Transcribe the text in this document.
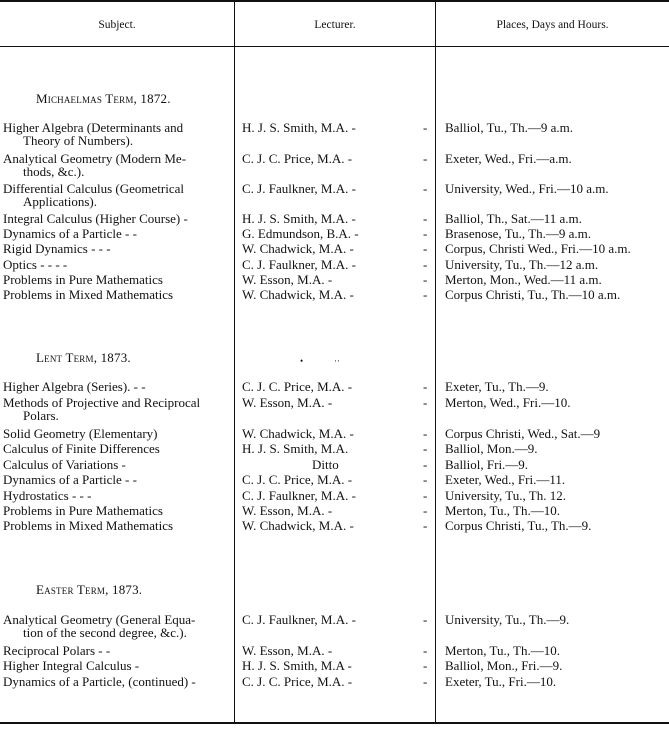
Subject.	Lecturer.	Places, Days and Hours.
Michaelmas Term, 1872.
Higher Algebra (Determinants and
Theory of Numbers).
H. J. S. Smith, M.A. -	- Balliol, Tu., Th.—9 a.m.
Analytical Geometry (Modern Me-
thods, &c.).
C. J. C. Price, M.A. -	- Exeter, Wed., Fri.—a.m.
Differential Calculus (Geometrical
Applications).
C. J. Faulkner, M.A. -	- University, Wed., Fri.—10 a.m.
Integral Calculus (Higher Course) -	H. J. S. Smith, M.A. -	- Balliol, Th., Sat.—11 a.m.
Dynamics of a Particle - -	G. Edmundson, B.A. -	- Brasenose, Tu., Th.—9 a.m.
Rigid Dynamics - - -	W. Chadwick, M.A. -	- Corpus, Christi Wed., Fri.—10 a.m.
Optics - - - -	C. J. Faulkner, M.A. -	- University, Tu., Th.—12 a.m.
Problems in Pure Mathematics	W. Esson, M.A. -	- Merton, Mon., Wed.—11 a.m.
Problems in Mixed Mathematics	W. Chadwick, M.A. -	- Corpus Christi, Tu., Th.—10 a.m.
Lent Term, 1873.
Higher Algebra (Series). - -	C. J. C. Price, M.A. -	- Exeter, Tu., Th.—9.
Methods of Projective and Reciprocal
Polars.
W. Esson, M.A. -	- Merton, Wed., Fri.—10.
Solid Geometry (Elementary)	W. Chadwick, M.A. -	- Corpus Christi, Wed., Sat.—9
Calculus of Finite Differences	H. J. S. Smith, M.A.	- Balliol, Mon.—9.
Calculus of Variations -	Ditto	- Balliol, Fri.—9.
Dynamics of a Particle - -	C. J. C. Price, M.A. -	- Exeter, Wed., Fri.—11.
Hydrostatics - - -	C. J. Faulkner, M.A. -	- University, Tu., Th. 12.
Problems in Pure Mathematics	W. Esson, M.A. -	- Merton, Tu., Th.—10.
Problems in Mixed Mathematics	W. Chadwick, M.A. -	- Corpus Christi, Tu., Th.—9.
Easter Term, 1873.
Analytical Geometry (General Equa-
tion of the second degree, &c.).
C. J. Faulkner, M.A. -	- University, Tu., Th.—9.
Reciprocal Polars - -	W. Esson, M.A. -	- Merton, Tu., Th.—10.
Higher Integral Calculus -	H. J. S. Smith, M.A -	- Balliol, Mon., Fri.—9.
Dynamics of a Particle, (continued) -	C. J. C. Price, M.A. -	- Exeter, Tu., Fri.—10.
•	··
